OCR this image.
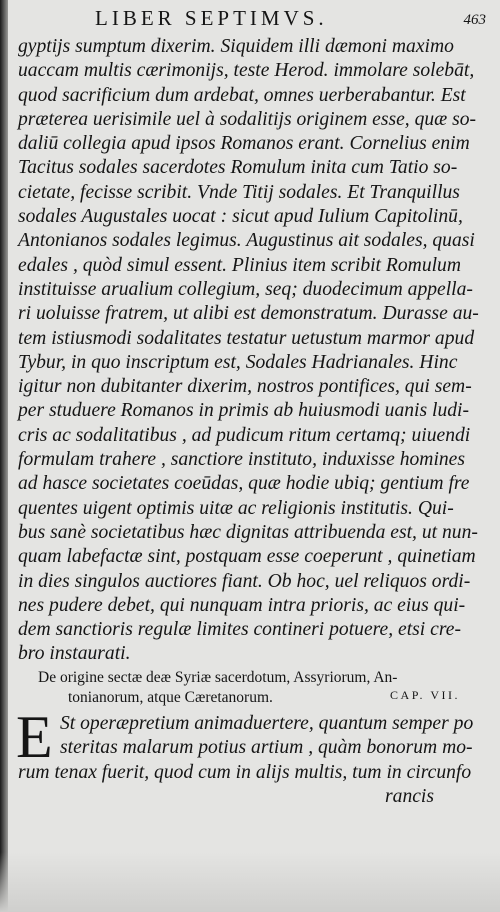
LIBER SEPTIMVS.	463
gyptijs sumptum dixerim. Siquidem illi dæmoni maximo
uaccam multis cærimonijs, teste Herod. immolare solebāt,
quod sacrificium dum ardebat, omnes uerberabantur. Est
præterea uerisimile uel à sodalitijs originem esse, quæ so-
daliū collegia apud ipsos Romanos erant. Cornelius enim
Tacitus sodales sacerdotes Romulum inita cum Tatio so-
cietate, fecisse scribit. Vnde Titij sodales. Et Tranquillus
sodales Augustales uocat : sicut apud Iulium Capitolinū,
Antonianos sodales legimus. Augustinus ait sodales, quasi
edales , quòd simul essent. Plinius item scribit Romulum
instituisse arualium collegium, seq; duodecimum appella-
ri uoluisse fratrem, ut alibi est demonstratum. Durasse au-
tem istiusmodi sodalitates testatur uetustum marmor apud
Tybur, in quo inscriptum est, Sodales Hadrianales. Hinc
igitur non dubitanter dixerim, nostros pontifices, qui sem-
per studuere Romanos in primis ab huiusmodi uanis ludi-
cris ac sodalitatibus , ad pudicum ritum certamq; uiuendi
formulam trahere , sanctiore instituto, induxisse homines
ad hasce societates coeūdas, quæ hodie ubiq; gentium fre
quentes uigent optimis uitæ ac religionis institutis. Qui-
bus sanè societatibus hæc dignitas attribuenda est, ut nun-
quam labefactæ sint, postquam esse coeperunt , quinetiam
in dies singulos auctiores fiant. Ob hoc, uel reliquos ordi-
nes pudere debet, qui nunquam intra prioris, ac eius qui-
dem sanctioris regulæ limites contineri potuere, etsi cre-
bro instaurati.
De origine sectæ deæ Syriæ sacerdotum, Assyriorum, An-
tonianorum, atque Cæretanorum.	CAP. VII.
E St operæpretium animaduertere, quantum semper po
steritas malarum potius artium , quàm bonorum mo-
rum tenax fuerit, quod cum in alijs multis, tum in circunfo
rancis
